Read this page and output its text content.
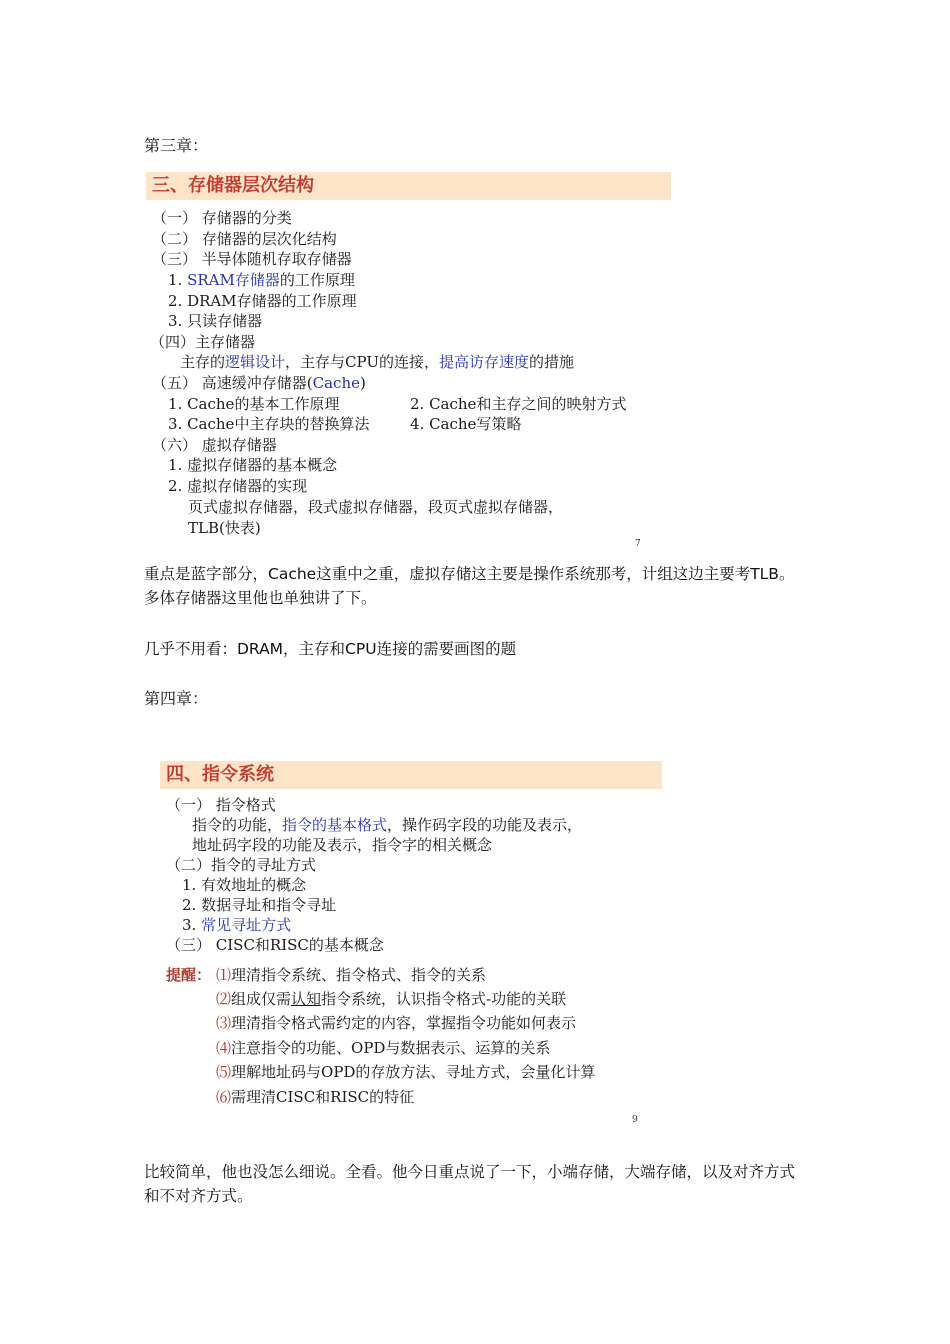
第三章：
三、存储器层次结构
（一） 存储器的分类
（二） 存储器的层次化结构
（三） 半导体随机存取存储器
1. SRAM存储器的工作原理
2. DRAM存储器的工作原理
3. 只读存储器
（四）主存储器
主存的逻辑设计，主存与CPU的连接，提高访存速度的措施
（五） 高速缓冲存储器(Cache)
1. Cache的基本工作原理	2. Cache和主存之间的映射方式
3. Cache中主存块的替换算法	4. Cache写策略
（六） 虚拟存储器
1. 虚拟存储器的基本概念
2. 虚拟存储器的实现
页式虚拟存储器，段式虚拟存储器，段页式虚拟存储器，
TLB(快表)
7
重点是蓝字部分，Cache这重中之重，虚拟存储这主要是操作系统那考，计组这边主要考TLB。多体存储器这里他也单独讲了下。
几乎不用看：DRAM，主存和CPU连接的需要画图的题
第四章：
四、指令系统
（一） 指令格式
指令的功能，指令的基本格式，操作码字段的功能及表示，
地址码字段的功能及表示，指令字的相关概念
（二）指令的寻址方式
1. 有效地址的概念
2. 数据寻址和指令寻址
3. 常见寻址方式
（三） CISC和RISC的基本概念
提醒： ⑴理清指令系统、指令格式、指令的关系
⑵组成仅需认知指令系统，认识指令格式-功能的关联
⑶理清指令格式需约定的内容，掌握指令功能如何表示
⑷注意指令的功能、OPD与数据表示、运算的关系
⑸理解地址码与OPD的存放方法、寻址方式，会量化计算
⑹需理清CISC和RISC的特征
9
比较简单，他也没怎么细说。全看。他今日重点说了一下，小端存储，大端存储，以及对齐方式和不对齐方式。
